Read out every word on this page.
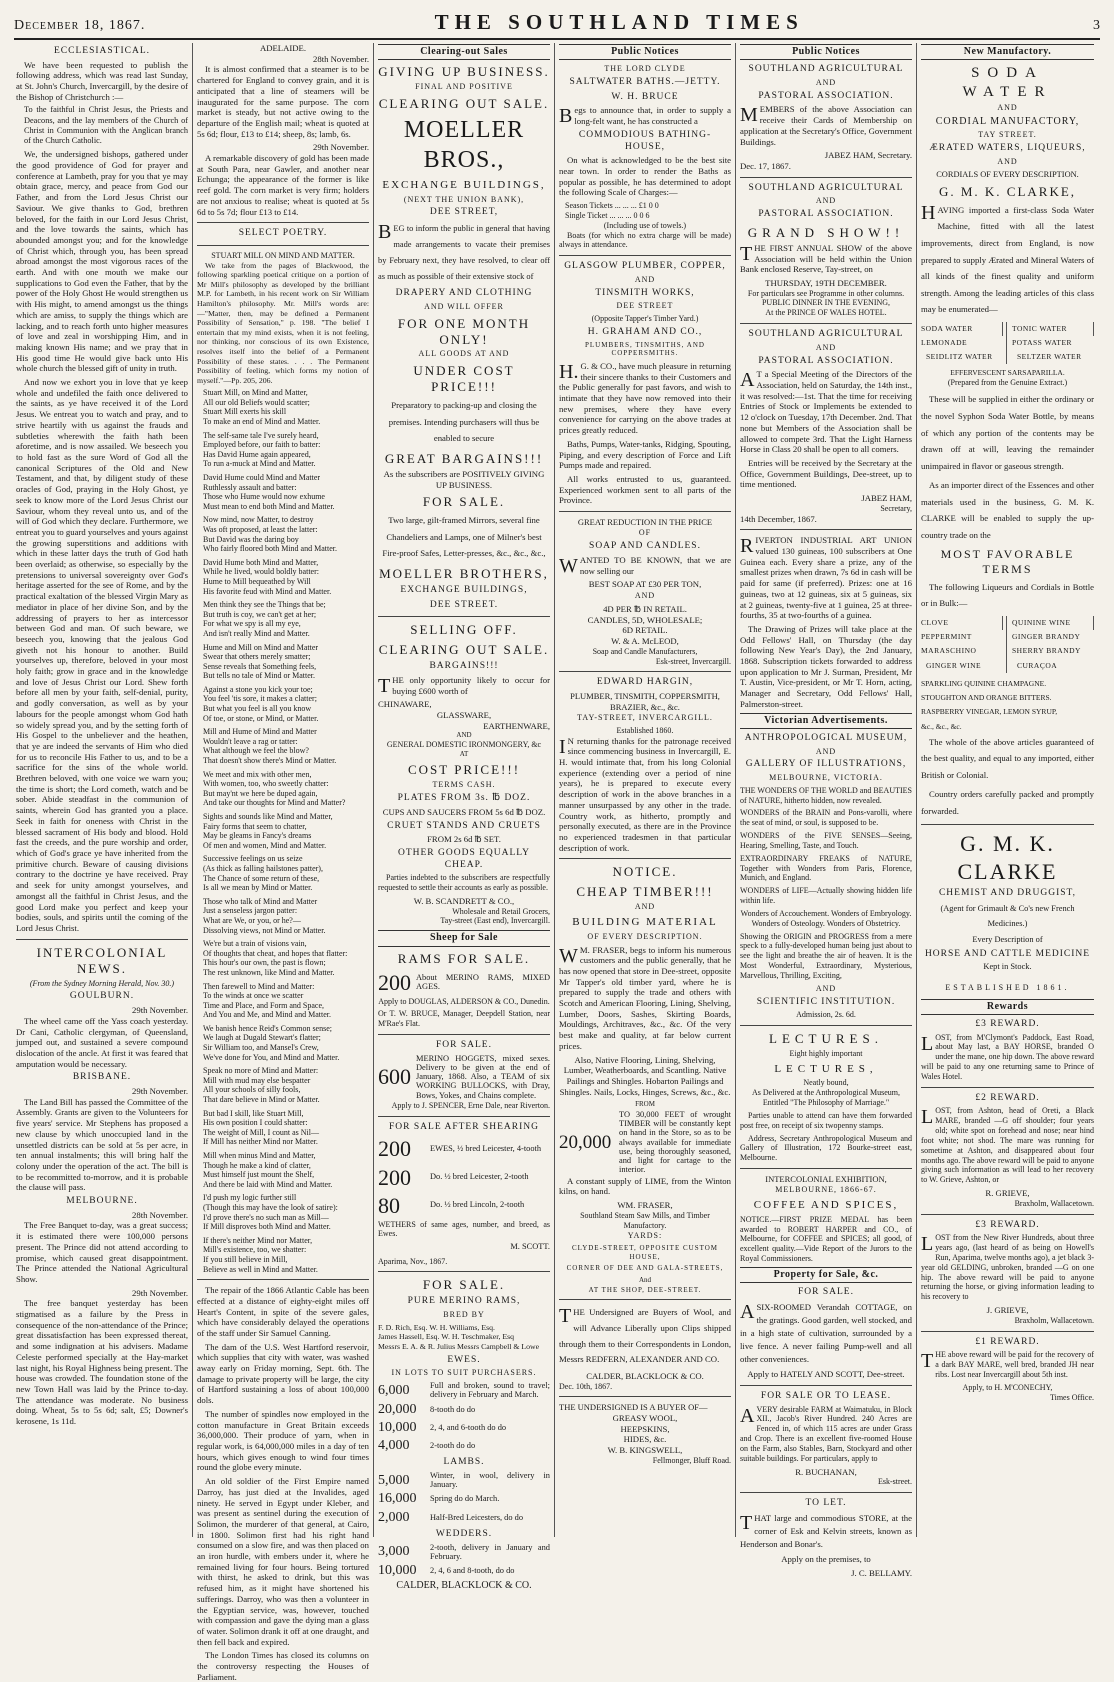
December 18, 1867.	THE SOUTHLAND TIMES	3
ECCLESIASTICAL.

We have been requested to publish the following address, which was read last Sunday, at St. John's Church, Invercargill, by the desire of the Bishop of Christchurch :—

To the faithful in Christ Jesus, the Priests and Deacons, and the lay members of the Church of Christ in Communion with the Anglican branch of the Church Catholic.

We, the undersigned bishops, gathered under the good providence of God for prayer and conference at Lambeth, pray for you that ye may obtain grace, mercy, and peace from God our Father, and from the Lord Jesus Christ our Saviour. We give thanks to God, brethren beloved, for the faith in our Lord Jesus Christ, and the love towards the saints, which has abounded amongst you; and for the knowledge of Christ which, through you, has been spread abroad amongst the most vigorous races of the earth. And with one mouth we make our supplications to God even the Father, that by the power of the Holy Ghost He would strengthen us with His might, to amend amongst us the things which are amiss, to supply the things which are lacking, and to reach forth unto higher measures of love and zeal in worshipping Him, and in making known His name; and we pray that in His good time He would give back unto His whole church the blessed gift of unity in truth.

And now we exhort you in love that ye keep whole and undefiled the faith once delivered to the saints, as ye have received it of the Lord Jesus. We entreat you to watch and pray, and to strive heartily with us against the frauds and subtleties wherewith the faith hath been aforetime, and is now assailed. We beseech you to hold fast as the sure Word of God all the canonical Scriptures of the Old and New Testament, and that, by diligent study of these oracles of God, praying in the Holy Ghost, ye seek to know more of the Lord Jesus Christ our Saviour, whom they reveal unto us, and of the will of God which they declare. Furthermore, we entreat you to guard yourselves and yours against the growing superstitions and additions with which in these latter days the truth of God hath been overlaid; as otherwise, so especially by the pretensions to universal sovereignty over God's heritage asserted for the see of Rome, and by the practical exaltation of the blessed Virgin Mary as mediator in place of her divine Son, and by the addressing of prayers to her as intercessor between God and man. Of such beware, we beseech you, knowing that the jealous God giveth not his honour to another. Build yourselves up, therefore, beloved in your most holy faith; grow in grace and in the knowledge and love of Jesus Christ our Lord. Shew forth before all men by your faith, self-denial, purity, and godly conversation, as well as by your labours for the people amongst whom God hath so widely spread you, and by the setting forth of His Gospel to the unbeliever and the heathen, that ye are indeed the servants of Him who died for us to reconcile His Father to us, and to be a sacrifice for the sins of the whole world. Brethren beloved, with one voice we warn you; the time is short; the Lord cometh, watch and be sober. Abide steadfast in the communion of saints, wherein God has granted you a place. Seek in faith for oneness with Christ in the blessed sacrament of His body and blood. Hold fast the creeds, and the pure worship and order, which of God's grace ye have inherited from the primitive church. Beware of causing divisions contrary to the doctrine ye have received. Pray and seek for unity amongst yourselves, and amongst all the faithful in Christ Jesus, and the good Lord make you perfect and keep your bodies, souls, and spirits until the coming of the Lord Jesus Christ.

INTERCOLONIAL NEWS.
(From the Sydney Morning Herald, Nov. 30.)
GOULBURN.
29th November.

The wheel came off the Yass coach yesterday. Dr Cani, Catholic clergyman, of Queensland, jumped out, and sustained a severe compound dislocation of the ancle. At first it was feared that amputation would be necessary.

BRISBANE.
29th November.

The Land Bill has passed the Committee of the Assembly. Grants are given to the Volunteers for five years' service. Mr Stephens has proposed a new clause by which unoccupied land in the unsettled districts can be sold at 5s per acre, in ten annual instalments; this will bring half the colony under the operation of the act. The bill is to be recommitted to-morrow, and it is probable the clause will pass.

MELBOURNE.
28th November.

The Free Banquet to-day, was a great success; it is estimated there were 100,000 persons present. The Prince did not attend according to promise, which caused great disappointment. The Prince attended the National Agricultural Show.

29th November.

The free banquet yesterday has been stigmatised as a failure by the Press in consequence of the non-attendance of the Prince; great dissatisfaction has been expressed thereat, and some indignation at his advisers. Madame Celeste performed specially at the Hay-market last night, his Royal Highness being present. The house was crowded. The foundation stone of the new Town Hall was laid by the Prince to-day. The attendance was moderate. No business doing. Wheat, 5s to 5s 6d; salt, £5; Downer's kerosene, 1s 11d.

ADELAIDE.
28th November.

It is almost confirmed that a steamer is to be chartered for England to convey grain, and it is anticipated that a line of steamers will be inaugurated for the same purpose. The corn market is steady, but not active owing to the departure of the English mail; wheat is quoted at 5s 6d; flour, £13 to £14; sheep, 8s; lamb, 6s.

29th November.

A remarkable discovery of gold has been made at South Para, near Gawler, and another near Echunga; the appearance of the former is like reef gold. The corn market is very firm; holders are not anxious to realise; wheat is quoted at 5s 6d to 5s 7d; flour £13 to £14.

SELECT POETRY.
STUART MILL ON MIND AND MATTER.

We take from the pages of Blackwood, the following sparkling poetical critique on a portion of Mr Mill's philosophy as developed by the brilliant M.P. for Lambeth, in his recent work on Sir William Hamilton's philosophy. Mr. Mill's words are:—"Matter, then, may be defined a Permanent Possibility of Sensation," p. 198. "The belief I entertain that my mind exists, when it is not feeling, nor thinking, nor conscious of its own Existence, resolves itself into the belief of a Permanent Possibility of these states. . . . The Permanent Possibility of feeling, which forms my notion of myself."—Pp. 205, 206.

Stuart Mill, on Mind and Matter,
All our old Beliefs would scatter;
Stuart Mill exerts his skill
To make an end of Mind and Matter.
The self-same tale I've surely heard,
Employed before, our faith to batter:
Has David Hume again appeared,
To run a-muck at Mind and Matter.
David Hume could Mind and Matter
Ruthlessly assault and batter:
Those who Hume would now exhume
Must mean to end both Mind and Matter.
Now mind, now Matter, to destroy
Was oft proposed, at least the latter:
But David was the daring boy
Who fairly floored both Mind and Matter.
David Hume both Mind and Matter,
While he lived, would boldly batter:
Hume to Mill bequeathed by Will
His favorite feud with Mind and Matter.
Men think they see the Things that be;
But truth is coy, we can't get at her;
For what we spy is all my eye,
And isn't really Mind and Matter.
Hume and Mill on Mind and Matter
Swear that others merely smatter;
Sense reveals that Something feels,
But tells no tale of Mind or Matter.
Against a stone you kick your toe;
You feel 'tis sore, it makes a clatter;
But what you feel is all you know
Of toe, or stone, or Mind, or Matter.
Mill and Hume of Mind and Matter
Wouldn't leave a rag or tatter:
What although we feel the blow?
That doesn't show there's Mind or Matter.
We meet and mix with other men,
With women, too, who sweetly chatter:
But may'nt we here be duped again,
And take our thoughts for Mind and Matter?
Sights and sounds like Mind and Matter,
Fairy forms that seem to chatter,
May be gleams in Fancy's dreams
Of men and women, Mind and Matter.
Successive feelings on us seize
(As thick as falling hailstones patter),
The Chance of some return of these,
Is all we mean by Mind or Matter.
Those who talk of Mind and Matter
Just a senseless jargon patter:
What are We, or you, or he?—
Dissolving views, not Mind or Matter.
We're but a train of visions vain,
Of thoughts that cheat, and hopes that flatter:
This hour's our own, the past is flown;
The rest unknown, like Mind and Matter.
Then farewell to Mind and Matter:
To the winds at once we scatter
Time and Place, and Form and Space,
And You and Me, and Mind and Matter.
We banish hence Reid's Common sense;
We laugh at Dugald Stewart's flatter;
Sir William too, and Mansel's Crew,
We've done for You, and Mind and Matter.
Speak no more of Mind and Matter:
Mill with mud may else bespatter
All your schools of silly fools,
That dare believe in Mind or Matter.
But bad I skill, like Stuart Mill,
His own position I could shatter:
The weight of Mill, I count as Nil—
If Mill has neither Mind nor Matter.
Mill when minus Mind and Matter,
Though he make a kind of clatter,
Must himself just mount the Shelf,
And there be laid with Mind and Matter.
I'd push my logic further still
(Though this may have the look of satire):
I'd prove there's no such man as Mill—
If Mill disproves both Mind and Matter.
If there's neither Mind nor Matter,
Mill's existence, too, we shatter:
If you still believe in Mill,
Believe as well in Mind and Matter.

The repair of the 1866 Atlantic Cable has been effected at a distance of eighty-eight miles off Heart's Content, in spite of the severe gales, which have considerably delayed the operations of the staff under Sir Samuel Canning.

The dam of the U.S. West Hartford reservoir, which supplies that city with water, was washed away early on Friday morning, Sept. 6th. The damage to private property will be large, the city of Hartford sustaining a loss of about 100,000 dols.

The number of spindles now employed in the cotton manufacture in Great Britain exceeds 36,000,000. Their produce of yarn, when in regular work, is 64,000,000 miles in a day of ten hours, which gives enough to wind four times round the globe every minute.

An old soldier of the First Empire named Darroy, has just died at the Invalides, aged ninety. He served in Egypt under Kleber, and was present as sentinel during the execution of Solimon, the murderer of that general, at Cairo, in 1800. Solimon first had his right hand consumed on a slow fire, and was then placed on an iron hurdle, with embers under it, where he remained living for four hours. Being tortured with thirst, he asked to drink, but this was refused him, as it might have shortened his sufferings. Darroy, who was then a volunteer in the Egyptian service, was, however, touched with compassion and gave the dying man a glass of water. Solimon drank it off at one draught, and then fell back and expired.

The London Times has closed its columns on the controversy respecting the Houses of Parliament.

Clearing-out Sales
GIVING UP BUSINESS.
FINAL AND POSITIVE
CLEARING OUT SALE.
MOELLER BROS.,
EXCHANGE BUILDINGS,
(NEXT THE UNION BANK),
DEE STREET,

BEG to inform the public in general that having made arrangements to vacate their premises by February next, they have resolved, to clear off as much as possible of their extensive stock of

DRAPERY AND CLOTHING
AND WILL OFFER
FOR ONE MONTH ONLY!
ALL GOODS AT AND
UNDER COST PRICE!!!

Preparatory to packing-up and closing the premises. Intending purchasers will thus be enabled to secure

GREAT BARGAINS!!!

As the subscribers are POSITIVELY GIVING UP BUSINESS.

FOR SALE.

Two large, gilt-framed Mirrors, several fine Chandeliers and Lamps, one of Milner's best Fire-proof Safes, Letter-presses, &c., &c., &c.,

MOELLER BROTHERS,
EXCHANGE BUILDINGS,
DEE STREET.
SELLING OFF.
CLEARING OUT SALE.
BARGAINS!!!

THE only opportunity likely to occur for buying £600 worth of

CHINAWARE,
GLASSWARE,
EARTHENWARE,
AND
GENERAL DOMESTIC IRONMONGERY, &c
AT
COST PRICE!!!
TERMS CASH.
PLATES FROM 3s. ℔ DOZ.
CUPS AND SAUCERS FROM 5s 6d ℔ DOZ.
CRUET STANDS AND CRUETS
FROM 2s 6d ℔ SET.
OTHER GOODS EQUALLY CHEAP.

Parties indebted to the subscribers are respectfully requested to settle their accounts as early as possible.

W. B. SCANDRETT & CO.,
Wholesale and Retail Grocers,
Tay-street (East end), Invercargill.
Sheep for Sale
RAMS FOR SALE.
200 About MERINO RAMS, MIXED AGES.

Apply to DOUGLAS, ALDERSON & CO., Dunedin.

Or T. W. BRUCE, Manager, Deepdell Station, near M'Rae's Flat.

FOR SALE.
600
MERINO HOGGETS, mixed sexes. Delivery to be given at the end of January, 1868. Also, a TEAM of six WORKING BULLOCKS, with Dray, Bows, Yokes, and Chains complete.

Apply to J. SPENCER, Erne Dale, near Riverton.

FOR SALE AFTER SHEARING
200	EWES, ½ bred Leicester, 4-tooth
200	Do. ½ bred Leicester, 2-tooth
80	Do. ½ bred Lincoln, 2-tooth

WETHERS of same ages, number, and breed, as Ewes.

M. SCOTT.
Aparima, Nov., 1867.
FOR SALE.
PURE MERINO RAMS,
BRED BY
F. D. Rich, Esq. W. H. Williams, Esq.
James Hassell, Esq. W. H. Teschmaker, Esq
Messrs E. A. & R. Julius Messrs Campbell & Lowe
EWES.
IN LOTS TO SUIT PURCHASERS.
6,000	Full and broken, sound to travel; delivery in February and March.
20,000	8-tooth do do
10,000	2, 4, and 6-tooth do do
4,000	2-tooth do do
LAMBS.
5,000	Winter, in wool, delivery in January.
16,000	Spring do do March.
2,000	Half-Bred Leicesters, do do
WEDDERS.
3,000	2-tooth, delivery in January and February.
10,000	2, 4, 6 and 8-tooth, do do
CALDER, BLACKLOCK & CO.
Public Notices
THE LORD CLYDE
SALTWATER BATHS.—JETTY.
W. H. BRUCE

Begs to announce that, in order to supply a long-felt want, he has constructed a

COMMODIOUS BATHING-HOUSE,

On what is acknowledged to be the best site near town. In order to render the Baths as popular as possible, he has determined to adopt the following Scale of Charges:—

Season Tickets ... ... ... £1 0 0
Single Ticket ... ... ... 0 0 6
(Including use of towels.)

Boats (for which no extra charge will be made) always in attendance.

GLASGOW PLUMBER, COPPER,
AND
TINSMITH WORKS,
DEE STREET
(Opposite Tapper's Timber Yard.)
H. GRAHAM AND CO.,
PLUMBERS, TINSMITHS, AND COPPERSMITHS.

H.G. & CO., have much pleasure in returning their sincere thanks to their Customers and the Public generally for past favors, and wish to intimate that they have now removed into their new premises, where they have every convenience for carrying on the above trades at prices greatly reduced.

Baths, Pumps, Water-tanks, Ridging, Spouting, Piping, and every description of Force and Lift Pumps made and repaired.

All works entrusted to us, guaranteed. Experienced workmen sent to all parts of the Province.

GREAT REDUCTION IN THE PRICE
OF
SOAP AND CANDLES.

WANTED TO BE KNOWN, that we are now selling our

BEST SOAP AT £30 PER TON,
AND
4D PER ℔ IN RETAIL.
CANDLES, 5D, WHOLESALE;
6D RETAIL.
W. & A. McLEOD,
Soap and Candle Manufacturers,
Esk-street, Invercargill.
EDWARD HARGIN,
PLUMBER, TINSMITH, COPPERSMITH,
BRAZIER, &c., &c.
TAY-STREET, INVERCARGILL.
Established 1860.

IN returning thanks for the patronage received since commencing business in Invercargill, E. H. would intimate that, from his long Colonial experience (extending over a period of nine years), he is prepared to execute every description of work in the above branches in a manner unsurpassed by any other in the trade. Country work, as hitherto, promptly and personally executed, as there are in the Province no experienced tradesmen in that particular description of work.

NOTICE.
CHEAP TIMBER!!!
AND
BUILDING MATERIAL
OF EVERY DESCRIPTION.

WM. FRASER, begs to inform his numerous customers and the public generally, that he has now opened that store in Dee-street, opposite Mr Tapper's old timber yard, where he is prepared to supply the trade and others with Scotch and American Flooring, Lining, Shelving, Lumber, Doors, Sashes, Skirting Boards, Mouldings, Architraves, &c., &c. Of the very best make and quality, at far below current prices.

Also, Native Flooring, Lining, Shelving, Lumber, Weatherboards, and Scantling. Native Pailings and Shingles. Hobarton Pailings and Shingles. Nails, Locks, Hinges, Screws, &c., &c.

FROM
20,000
TO 30,000 FEET of wrought TIMBER will be constantly kept on hand in the Store, so as to be always available for immediate use, being thoroughly seasoned, and light for cartage to the interior.

A constant supply of LIME, from the Winton kilns, on hand.

WM. FRASER,
Southland Steam Saw Mills, and Timber Manufactory.
YARDS:
CLYDE-STREET, OPPOSITE CUSTOM HOUSE,
CORNER OF DEE AND GALA-STREETS,
And
AT THE SHOP, DEE-STREET.

THE Undersigned are Buyers of Wool, and will Advance Liberally upon Clips shipped through them to their Correspondents in London, Messrs REDFERN, ALEXANDER AND CO.

CALDER, BLACKLOCK & CO.
Dec. 10th, 1867.
THE UNDERSIGNED IS A BUYER OF—
GREASY WOOL,
HEEPSKINS,
HIDES, &c.
W. B. KINGSWELL,
Fellmonger, Bluff Road.
Public Notices
SOUTHLAND AGRICULTURAL
AND
PASTORAL ASSOCIATION.

MEMBERS of the above Association can receive their Cards of Membership on application at the Secretary's Office, Government Buildings.

JABEZ HAM, Secretary.
Dec. 17, 1867.
SOUTHLAND AGRICULTURAL
AND
PASTORAL ASSOCIATION.
GRAND SHOW!!

THE FIRST ANNUAL SHOW of the above Association will be held within the Union Bank enclosed Reserve, Tay-street, on

THURSDAY, 19TH DECEMBER.
For particulars see Programme in other columns.
PUBLIC DINNER IN THE EVENING,
At the PRINCE OF WALES HOTEL.
SOUTHLAND AGRICULTURAL
AND
PASTORAL ASSOCIATION.

AT a Special Meeting of the Directors of the Association, held on Saturday, the 14th inst., it was resolved:—1st. That the time for receiving Entries of Stock or Implements be extended to 12 o'clock on Tuesday, 17th December. 2nd. That none but Members of the Association shall be allowed to compete 3rd. That the Light Harness Horse in Class 20 shall be open to all comers.

Entries will be received by the Secretary at the Office, Government Buildings, Dee-street, up to time mentioned.

JABEZ HAM,
Secretary,
14th December, 1867.

RIVERTON INDUSTRIAL ART UNION valued 130 guineas, 100 subscribers at One Guinea each. Every share a prize, any of the smallest prizes when drawn, 7s 6d in cash will be paid for same (if preferred). Prizes: one at 16 guineas, two at 12 guineas, six at 5 guineas, six at 2 guineas, twenty-five at 1 guinea, 25 at three-fourths, 35 at two-fourths of a guinea.

The Drawing of Prizes will take place at the Odd Fellows' Hall, on Thursday (the day following New Year's Day), the 2nd January, 1868. Subscription tickets forwarded to address upon application to Mr J. Surman, President, Mr T. Austin, Vice-president, or Mr T. Horn, acting, Manager and Secretary, Odd Fellows' Hall, Palmerston-street.

Victorian Advertisements.
ANTHROPOLOGICAL MUSEUM,
AND
GALLERY OF ILLUSTRATIONS,
MELBOURNE, VICTORIA.

THE WONDERS OF THE WORLD and BEAUTIES of NATURE, hitherto hidden, now revealed.

WONDERS of the BRAIN and Pons-varolli, where the seat of mind, or soul, is supposed to be.

WONDERS of the FIVE SENSES—Seeing, Hearing, Smelling, Taste, and Touch.

EXTRAORDINARY FREAKS of NATURE, Together with Wonders from Paris, Florence, Munich, and England.

WONDERS of LIFE—Actually showing hidden life within life.

Wonders of Accouchement. Wonders of Embryology. Wonders of Osteology. Wonders of Obstetricy.

Showing the ORIGIN and PROGRESS from a mere speck to a fully-developed human being just about to see the light and breathe the air of heaven. It is the Most Wonderful, Extraordinary, Mysterious, Marvellous, Thrilling, Exciting,

AND
SCIENTIFIC INSTITUTION.
Admission, 2s. 6d.
LECTURES.
Eight highly important
LECTURES,
Neatly bound,

As Delivered at the Anthropological Museum, Entitled "The Philosophy of Marriage."

Parties unable to attend can have them forwarded post free, on receipt of six twopenny stamps.

Address, Secretary Anthropological Museum and Gallery of Illustration, 172 Bourke-street east, Melbourne.

INTERCOLONIAL EXHIBITION,
MELBOURNE, 1866-67.
COFFEE AND SPICES,

NOTICE.—FIRST PRIZE MEDAL has been awarded to ROBERT HARPER and CO., of Melbourne, for COFFEE and SPICES; all good, of excellent quality.—Vide Report of the Jurors to the Royal Commissioners.

Property for Sale, &c.
FOR SALE.

ASIX-ROOMED Verandah COTTAGE, on the gratings. Good garden, well stocked, and in a high state of cultivation, surrounded by a live fence. A never failing Pump-well and all other conveniences.

Apply to HATELY AND SCOTT, Dee-street.
FOR SALE OR TO LEASE.

AVERY desirable FARM at Waimatuku, in Block XII., Jacob's River Hundred. 240 Acres are Fenced in, of which 115 acres are under Grass and Crop. There is an excellent five-roomed House on the Farm, also Stables, Barn, Stockyard and other suitable buildings. For particulars, apply to

R. BUCHANAN,
Esk-street.
TO LET.

THAT large and commodious STORE, at the corner of Esk and Kelvin streets, known as Henderson and Bonar's.

Apply on the premises, to

J. C. BELLAMY.
New Manufactory.
SODA WATER
AND
CORDIAL MANUFACTORY,
TAY STREET.
ÆRATED WATERS, LIQUEURS,
AND
CORDIALS OF EVERY DESCRIPTION.
G. M. K. CLARKE,

HAVING imported a first-class Soda Water Machine, fitted with all the latest improvements, direct from England, is now prepared to supply Ærated and Mineral Waters of all kinds of the finest quality and uniform strength. Among the leading articles of this class may be enumerated—

SODA WATER
LEMONADE
SEIDLITZ WATER
TONIC WATER
POTASS WATER
SELTZER WATER
EFFERVESCENT SARSAPARILLA.
(Prepared from the Genuine Extract.)

These will be supplied in either the ordinary or the novel Syphon Soda Water Bottle, by means of which any portion of the contents may be drawn off at will, leaving the remainder unimpaired in flavor or gaseous strength.

As an importer direct of the Essences and other materials used in the business, G. M. K. CLARKE will be enabled to supply the up-country trade on the

MOST FAVORABLE TERMS

The following Liqueurs and Cordials in Bottle or in Bulk:—

CLOVE
PEPPERMINT
MARASCHINO
GINGER WINE
QUININE WINE
GINGER BRANDY
SHERRY BRANDY
CURAÇOA
SPARKLING QUININE CHAMPAGNE.
STOUGHTON AND ORANGE BITTERS.
RASPBERRY VINEGAR, LEMON SYRUP,
&c., &c., &c.

The whole of the above articles guaranteed of the best quality, and equal to any imported, either British or Colonial.

Country orders carefully packed and promptly forwarded.

G. M. K. CLARKE
CHEMIST AND DRUGGIST,
(Agent for Grimault & Co's new French Medicines.)
Every Description of
HORSE AND CATTLE MEDICINE
Kept in Stock.
ESTABLISHED 1861.
Rewards
£3 REWARD.

LOST, from M'Clymont's Paddock, East Road, about May last, a BAY HORSE, branded O under the mane, one hip down. The above reward will be paid to any one returning same to Prince of Wales Hotel.

£2 REWARD.

LOST, from Ashton, head of Oreti, a Black MARE, branded —G off shoulder; four years old; white spot on forehead and nose; near hind foot white; not shod. The mare was running for sometime at Ashton, and disappeared about four months ago. The above reward will be paid to anyone giving such information as will lead to her recovery to W. Grieve, Ashton, or

R. GRIEVE,
Braxholm, Wallacetown.
£3 REWARD.

LOST from the New River Hundreds, about three years ago, (last heard of as being on Howell's Run, Aparima, twelve months ago), a jet black 3-year old GELDING, unbroken, branded —G on one hip. The above reward will be paid to anyone returning the horse, or giving information leading to his recovery to

J. GRIEVE,
Braxholm, Wallacetown.
£1 REWARD.

THE above reward will be paid for the recovery of a dark BAY MARE, well bred, branded JH near ribs. Lost near Invercargill about 5th inst.

Apply, to H. M'CONECHY,
Times Office.
